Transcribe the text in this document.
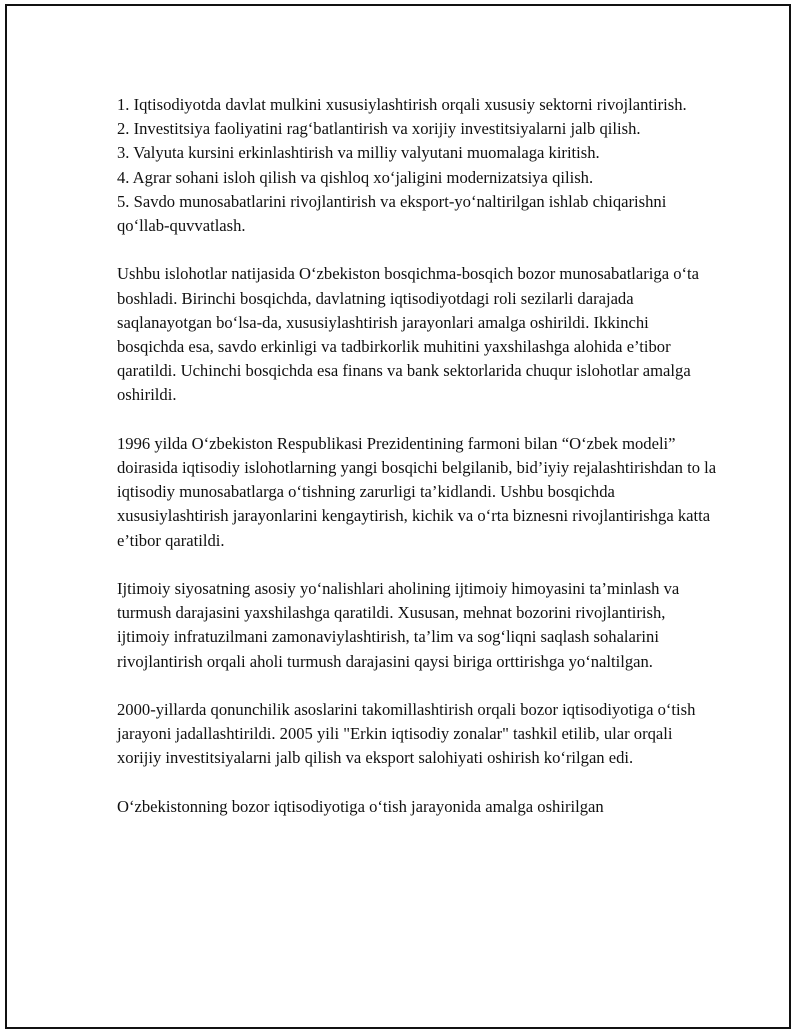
1. Iqtisodiyotda davlat mulkini xususiylashtirish orqali xususiy sektorni rivojlantirish.
2. Investitsiya faoliyatini rag‘batlantirish va xorijiy investitsiyalarni jalb qilish.
3. Valyuta kursini erkinlashtirish va milliy valyutani muomalaga kiritish.
4. Agrar sohani isloh qilish va qishloq xo‘jaligini modernizatsiya qilish.
5. Savdo munosabatlarini rivojlantirish va eksport-yo‘naltirilgan ishlab chiqarishni qo‘llab-quvvatlash.

Ushbu islohotlar natijasida O‘zbekiston bosqichma-bosqich bozor munosabatlariga o‘ta boshladi. Birinchi bosqichda, davlatning iqtisodiyotdagi roli sezilarli darajada saqlanayotgan bo‘lsa-da, xususiylashtirish jarayonlari amalga oshirildi. Ikkinchi bosqichda esa, savdo erkinligi va tadbirkorlik muhitini yaxshilashga alohida e’tibor qaratildi. Uchinchi bosqichda esa finans va bank sektorlarida chuqur islohotlar amalga oshirildi.

1996 yilda O‘zbekiston Respublikasi Prezidentining farmoni bilan “O‘zbek modeli” doirasida iqtisodiy islohotlarning yangi bosqichi belgilanib, bid’iyiy rejalashtirishdan to la iqtisodiy munosabatlarga o‘tishning zarurligi ta’kidlandi. Ushbu bosqichda xususiylashtirish jarayonlarini kengaytirish, kichik va o‘rta biznesni rivojlantirishga katta e’tibor qaratildi.

Ijtimoiy siyosatning asosiy yo‘nalishlari aholining ijtimoiy himoyasini ta’minlash va turmush darajasini yaxshilashga qaratildi. Xususan, mehnat bozorini rivojlantirish, ijtimoiy infratuzilmani zamonaviylashtirish, ta’lim va sog‘liqni saqlash sohalarini rivojlantirish orqali aholi turmush darajasini qaysi biriga orttirishga yo‘naltilgan.

2000-yillarda qonunchilik asoslarini takomillashtirish orqali bozor iqtisodiyotiga o‘tish jarayoni jadallashtirildi. 2005 yili "Erkin iqtisodiy zonalar" tashkil etilib, ular orqali xorijiy investitsiyalarni jalb qilish va eksport salohiyati oshirish ko‘rilgan edi.

O‘zbekistonning bozor iqtisodiyotiga o‘tish jarayonida amalga oshirilgan
